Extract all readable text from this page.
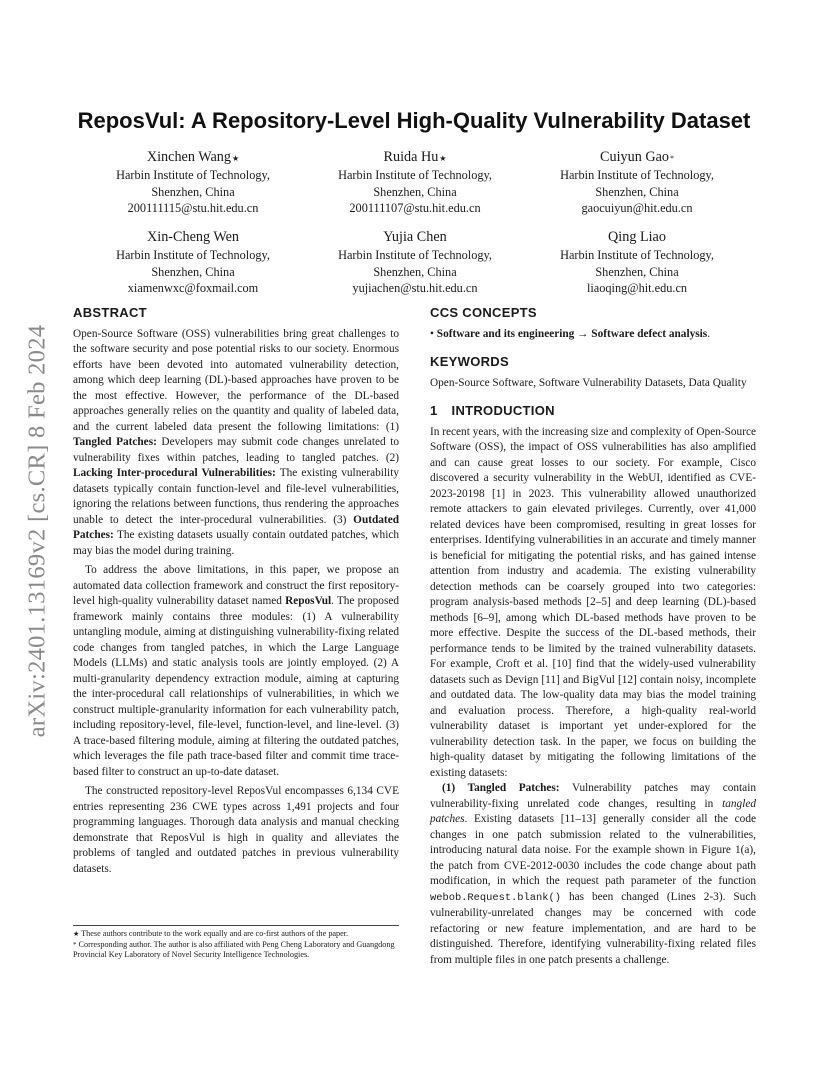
arXiv:2401.13169v2 [cs.CR] 8 Feb 2024
ReposVul: A Repository-Level High-Quality Vulnerability Dataset
Xinchen Wang★
Harbin Institute of Technology,
Shenzhen, China
200111115@stu.hit.edu.cn
Ruida Hu★
Harbin Institute of Technology,
Shenzhen, China
200111107@stu.hit.edu.cn
Cuiyun Gao*
Harbin Institute of Technology,
Shenzhen, China
gaocuiyun@hit.edu.cn
Xin-Cheng Wen
Harbin Institute of Technology,
Shenzhen, China
xiamenwxc@foxmail.com
Yujia Chen
Harbin Institute of Technology,
Shenzhen, China
yujiachen@stu.hit.edu.cn
Qing Liao
Harbin Institute of Technology,
Shenzhen, China
liaoqing@hit.edu.cn
ABSTRACT

Open-Source Software (OSS) vulnerabilities bring great challenges to the software security and pose potential risks to our society. Enormous efforts have been devoted into automated vulnerability detection, among which deep learning (DL)-based approaches have proven to be the most effective. However, the performance of the DL-based approaches generally relies on the quantity and quality of labeled data, and the current labeled data present the following limitations: (1) Tangled Patches: Developers may submit code changes unrelated to vulnerability fixes within patches, leading to tangled patches. (2) Lacking Inter-procedural Vulnerabilities: The existing vulnerability datasets typically contain function-level and file-level vulnerabilities, ignoring the relations between functions, thus rendering the approaches unable to detect the inter-procedural vulnerabilities. (3) Outdated Patches: The existing datasets usually contain outdated patches, which may bias the model during training.

To address the above limitations, in this paper, we propose an automated data collection framework and construct the first repository-level high-quality vulnerability dataset named ReposVul. The proposed framework mainly contains three modules: (1) A vulnerability untangling module, aiming at distinguishing vulnerability-fixing related code changes from tangled patches, in which the Large Language Models (LLMs) and static analysis tools are jointly employed. (2) A multi-granularity dependency extraction module, aiming at capturing the inter-procedural call relationships of vulnerabilities, in which we construct multiple-granularity information for each vulnerability patch, including repository-level, file-level, function-level, and line-level. (3) A trace-based filtering module, aiming at filtering the outdated patches, which leverages the file path trace-based filter and commit time trace-based filter to construct an up-to-date dataset.

The constructed repository-level ReposVul encompasses 6,134 CVE entries representing 236 CWE types across 1,491 projects and four programming languages. Thorough data analysis and manual checking demonstrate that ReposVul is high in quality and alleviates the problems of tangled and outdated patches in previous vulnerability datasets.

★ These authors contribute to the work equally and are co-first authors of the paper.

* Corresponding author. The author is also affiliated with Peng Cheng Laboratory and Guangdong Provincial Key Laboratory of Novel Security Intelligence Technologies.

CCS CONCEPTS

• Software and its engineering → Software defect analysis.

KEYWORDS

Open-Source Software, Software Vulnerability Datasets, Data Quality

1 INTRODUCTION

In recent years, with the increasing size and complexity of Open-Source Software (OSS), the impact of OSS vulnerabilities has also amplified and can cause great losses to our society. For example, Cisco discovered a security vulnerability in the WebUI, identified as CVE-2023-20198 [1] in 2023. This vulnerability allowed unauthorized remote attackers to gain elevated privileges. Currently, over 41,000 related devices have been compromised, resulting in great losses for enterprises. Identifying vulnerabilities in an accurate and timely manner is beneficial for mitigating the potential risks, and has gained intense attention from industry and academia. The existing vulnerability detection methods can be coarsely grouped into two categories: program analysis-based methods [2–5] and deep learning (DL)-based methods [6–9], among which DL-based methods have proven to be more effective. Despite the success of the DL-based methods, their performance tends to be limited by the trained vulnerability datasets. For example, Croft et al. [10] find that the widely-used vulnerability datasets such as Devign [11] and BigVul [12] contain noisy, incomplete and outdated data. The low-quality data may bias the model training and evaluation process. Therefore, a high-quality real-world vulnerability dataset is important yet under-explored for the vulnerability detection task. In the paper, we focus on building the high-quality dataset by mitigating the following limitations of the existing datasets:

(1) Tangled Patches: Vulnerability patches may contain vulnerability-fixing unrelated code changes, resulting in tangled patches. Existing datasets [11–13] generally consider all the code changes in one patch submission related to the vulnerabilities, introducing natural data noise. For the example shown in Figure 1(a), the patch from CVE-2012-0030 includes the code change about path modification, in which the request path parameter of the function webob.Request.blank() has been changed (Lines 2-3). Such vulnerability-unrelated changes may be concerned with code refactoring or new feature implementation, and are hard to be distinguished. Therefore, identifying vulnerability-fixing related files from multiple files in one patch presents a challenge.
